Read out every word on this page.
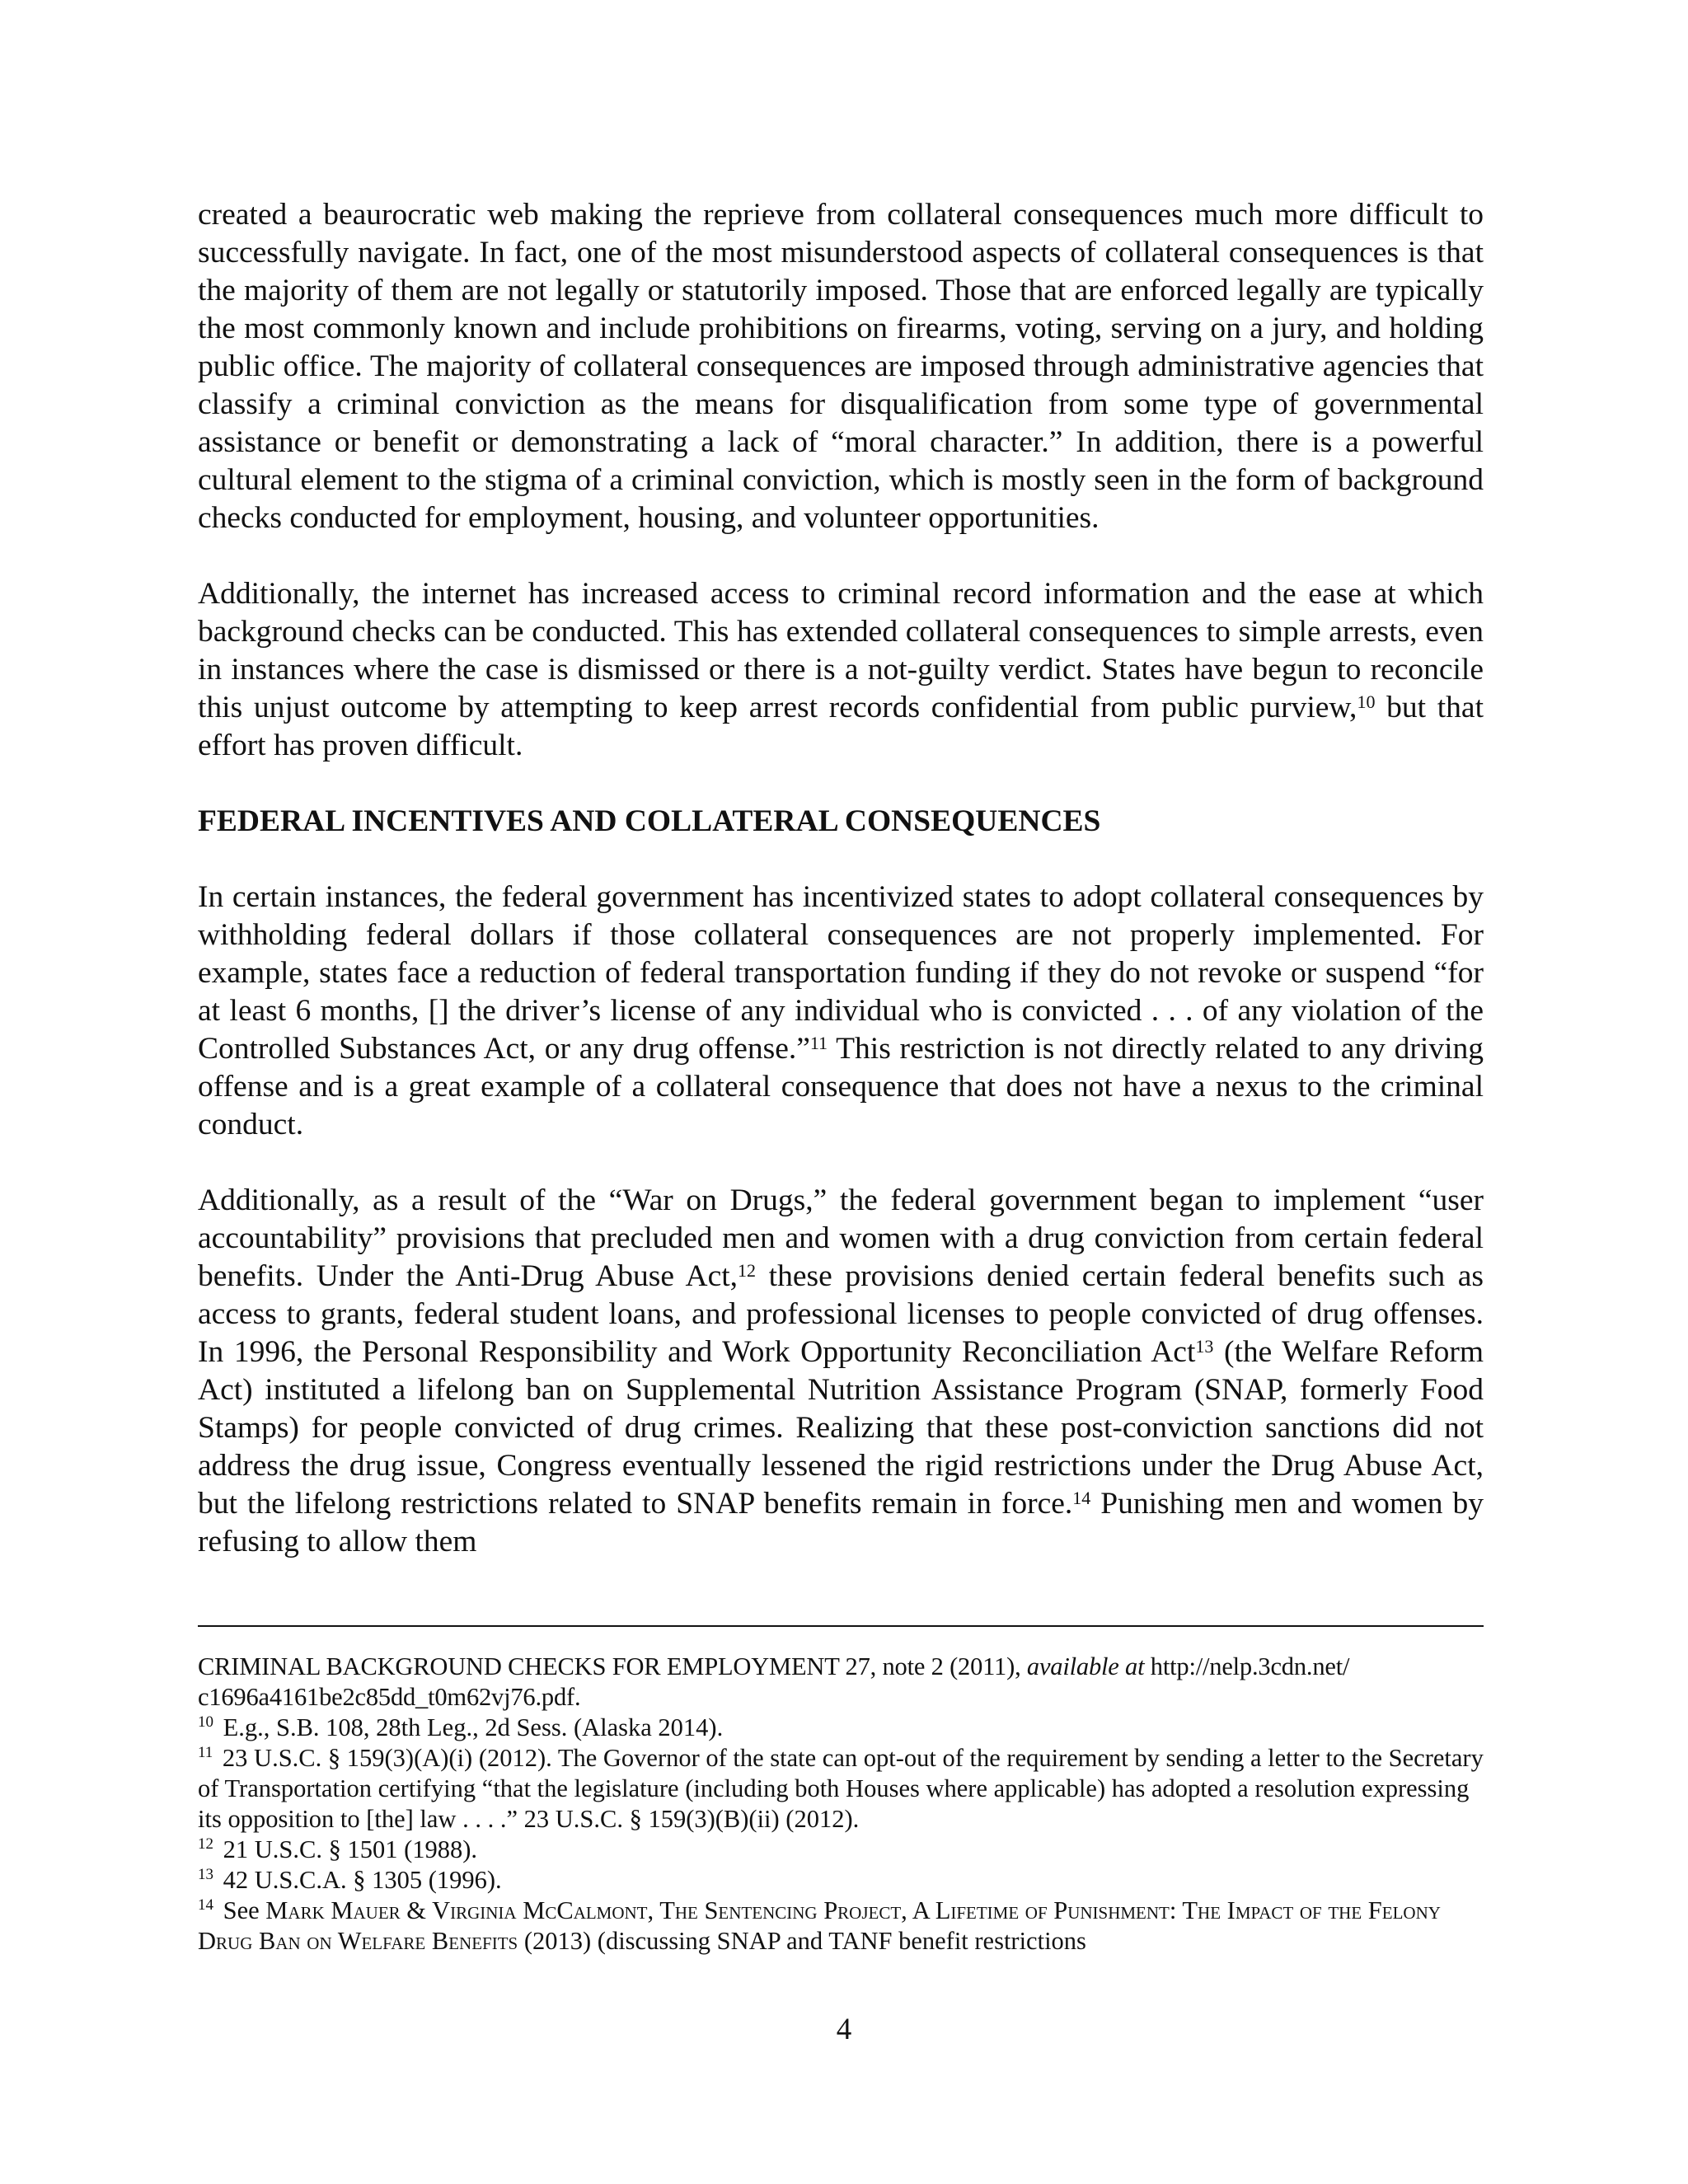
created a beaurocratic web making the reprieve from collateral consequences much more difficult to successfully navigate. In fact, one of the most misunderstood aspects of collateral consequences is that the majority of them are not legally or statutorily imposed. Those that are enforced legally are typically the most commonly known and include prohibitions on firearms, voting, serving on a jury, and holding public office. The majority of collateral consequences are imposed through administrative agencies that classify a criminal conviction as the means for disqualification from some type of governmental assistance or benefit or demonstrating a lack of “moral character.” In addition, there is a powerful cultural element to the stigma of a criminal conviction, which is mostly seen in the form of background checks conducted for employment, housing, and volunteer opportunities.

Additionally, the internet has increased access to criminal record information and the ease at which background checks can be conducted. This has extended collateral consequences to simple arrests, even in instances where the case is dismissed or there is a not-guilty verdict. States have begun to reconcile this unjust outcome by attempting to keep arrest records confidential from public purview,$^{10}$ but that effort has proven difficult.

FEDERAL INCENTIVES AND COLLATERAL CONSEQUENCES

In certain instances, the federal government has incentivized states to adopt collateral consequences by withholding federal dollars if those collateral consequences are not properly implemented. For example, states face a reduction of federal transportation funding if they do not revoke or suspend “for at least 6 months, [] the driver’s license of any individual who is convicted . . . of any violation of the Controlled Substances Act, or any drug offense.”$^{11}$ This restriction is not directly related to any driving offense and is a great example of a collateral consequence that does not have a nexus to the criminal conduct.

Additionally, as a result of the “War on Drugs,” the federal government began to implement “user accountability” provisions that precluded men and women with a drug conviction from certain federal benefits. Under the Anti-Drug Abuse Act,$^{12}$ these provisions denied certain federal benefits such as access to grants, federal student loans, and professional licenses to people convicted of drug offenses. In 1996, the Personal Responsibility and Work Opportunity Reconciliation Act$^{13}$ (the Welfare Reform Act) instituted a lifelong ban on Supplemental Nutrition Assistance Program (SNAP, formerly Food Stamps) for people convicted of drug crimes. Realizing that these post-conviction sanctions did not address the drug issue, Congress eventually lessened the rigid restrictions under the Drug Abuse Act, but the lifelong restrictions related to SNAP benefits remain in force.$^{14}$ Punishing men and women by refusing to allow them

CRIMINAL BACKGROUND CHECKS FOR EMPLOYMENT 27, note 2 (2011), available at http://nelp.3cdn.net/ c1696a4161be2c85dd_t0m62vj76.pdf.

$^{10}$ E.g., S.B. 108, 28th Leg., 2d Sess. (Alaska 2014).

$^{11}$ 23 U.S.C. § 159(3)(A)(i) (2012). The Governor of the state can opt-out of the requirement by sending a letter to the Secretary of Transportation certifying “that the legislature (including both Houses where applicable) has adopted a resolution expressing its opposition to [the] law . . . .” 23 U.S.C. § 159(3)(B)(ii) (2012).

$^{12}$ 21 U.S.C. § 1501 (1988).

$^{13}$ 42 U.S.C.A. § 1305 (1996).

$^{14}$ See Mark Mauer & Virginia McCalmont, The Sentencing Project, A Lifetime of Punishment: The Impact of the Felony Drug Ban on Welfare Benefits (2013) (discussing SNAP and TANF benefit restrictions

4
